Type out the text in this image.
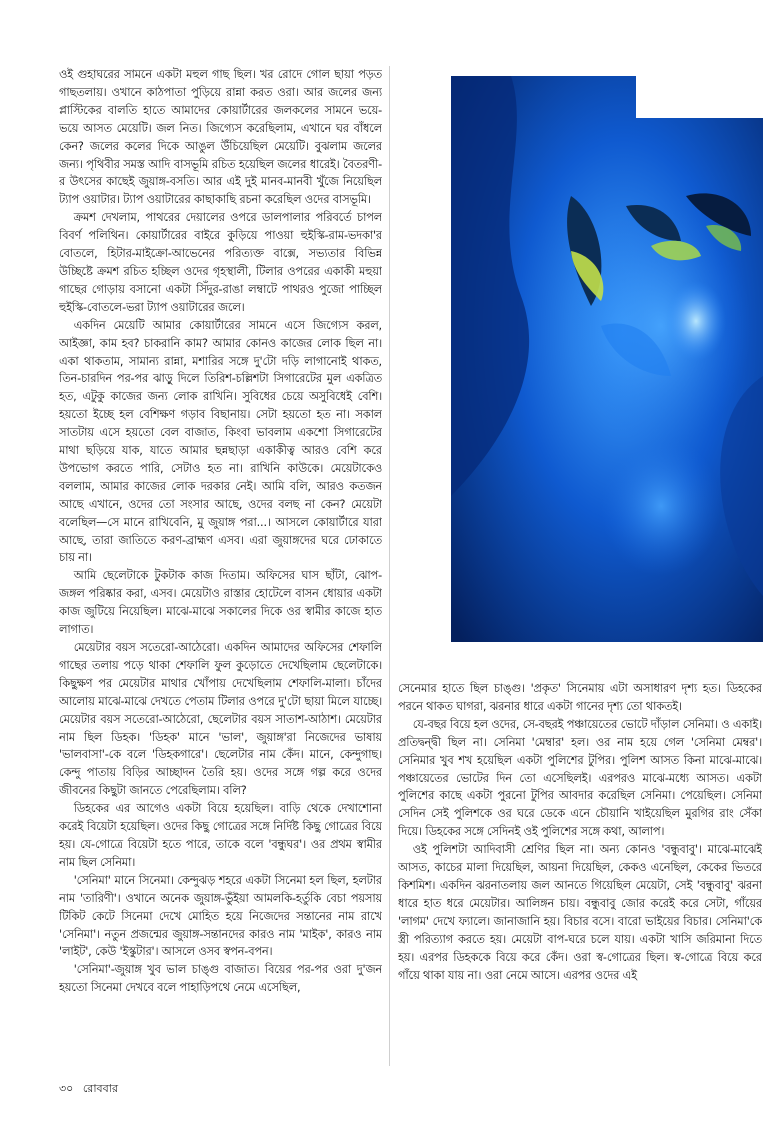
ওই গুহাঘরের সামনে একটা মহুল গাছ ছিল। খর রোদে গোল ছায়া পড়ত গাছতলায়। ওখানে কাঠপাতা পুড়িয়ে রান্না করত ওরা। আর জলের জন্য প্লাস্টিকের বালতি হাতে আমাদের কোয়ার্টারের জলকলের সামনে ভয়ে-ভয়ে আসত মেয়েটি। জল নিত। জিগ্যেস করেছিলাম, এখানে ঘর বাঁধলে কেন? জলের কলের দিকে আঙুল উঁচিয়েছিল মেয়েটি। বুঝলাম জলের জন্য। পৃথিবীর সমস্ত আদি বাসভূমি রচিত হয়েছিল জলের ধারেই। বৈতরণী-র উৎসের কাছেই জুয়াঙ্গ-বসতি। আর এই দুই মানব-মানবী খুঁজে নিয়েছিল ট্যাপ ওয়াটার। ট্যাপ ওয়াটারের কাছাকাছি রচনা করেছিল ওদের বাসভূমি।

ক্রমশ দেখলাম, পাথরের দেয়ালের ওপরে ডালপালার পরিবর্তে চাপল বিবর্ণ পলিথিন। কোয়ার্টারের বাইরে কুড়িয়ে পাওয়া হুইস্কি-রাম-ভদকা'র বোতলে, হিটার-মাইক্রো-আভেনের পরিত্যক্ত বাক্সে, সভ্যতার বিভিন্ন উচ্ছিষ্টে ক্রমশ রচিত হচ্ছিল ওদের গৃহস্থালী, টিলার ওপরের একাকী মহুয়া গাছের গোড়ায় বসানো একটা সিঁদুর-রাঙা লম্বাটে পাথরও পুজো পাচ্ছিল হুইস্কি-বোতলে-ভরা ট্যাপ ওয়াটারের জলে।

একদিন মেয়েটি আমার কোয়ার্টারের সামনে এসে জিগ্যেস করল, আইজ্ঞা, কাম হব? চাকরানি কাম? আমার কোনও কাজের লোক ছিল না। একা থাকতাম, সামান্য রান্না, মশারির সঙ্গে দু'টো দড়ি লাগানোই থাকত, তিন-চারদিন পর-পর ঝাড়ু দিলে তিরিশ-চল্লিশটা সিগারেটের মুল একত্রিত হত, এটুকু কাজের জন্য লোক রাখিনি। সুবিধের চেয়ে অসুবিধেই বেশি। হয়তো ইচ্ছে হল বেশিক্ষণ গড়াব বিছানায়। সেটা হয়তো হত না। সকাল সাতটায় এসে হয়তো বেল বাজাত, কিংবা ভাবলাম একশো সিগারেটের মাথা ছড়িয়ে যাক, যাতে আমার ছন্নছাড়া একাকীত্ব আরও বেশি করে উপভোগ করতে পারি, সেটাও হত না। রাখিনি কাউকে। মেয়েটাকেও বললাম, আমার কাজের লোক দরকার নেই। আমি বলি, আরও কতজন আছে এখানে, ওদের তো সংসার আছে, ওদের বলছ না কেন? মেয়েটা বলেছিল—সে মানে রাখিবেনি, মু জুয়াঙ্গ পরা...। আসলে কোয়ার্টারে যারা আছে, তারা জাতিতে করণ-ব্রাহ্মণ এসব। এরা জুয়াঙ্গদের ঘরে ঢোকাতে চায় না।

আমি ছেলেটাকে টুকটাক কাজ দিতাম। অফিসের ঘাস ছাঁটা, ঝোপ-জঙ্গল পরিষ্কার করা, এসব। মেয়েটাও রাস্তার হোটেলে বাসন ধোয়ার একটা কাজ জুটিয়ে নিয়েছিল। মাঝে-মাঝে সকালের দিকে ওর স্বামীর কাজে হাত লাগাত।

মেয়েটার বয়স সতেরো-আঠেরো। একদিন আমাদের অফিসের শেফালি গাছের তলায় পড়ে থাকা শেফালি ফুল কুড়োতে দেখেছিলাম ছেলেটাকে। কিছুক্ষণ পর মেয়েটার মাথার খোঁপায় দেখেছিলাম শেফালি-মালা। চাঁদের আলোয় মাঝে-মাঝে দেখতে পেতাম টিলার ওপরে দু'টো ছায়া মিলে যাচ্ছে। মেয়েটার বয়স সতেরো-আঠেরো, ছেলেটার বয়স সাতাশ-আঠাশ। মেয়েটার নাম ছিল ডিহক। 'ডিহক' মানে 'ভাল', জুয়াঙ্গ'রা নিজেদের ভাষায় 'ভালবাসা'-কে বলে 'ডিহকগারে'। ছেলেটার নাম কেঁদ। মানে, কেন্দুগাছ। কেন্দু পাতায় বিড়ির আচ্ছাদন তৈরি হয়। ওদের সঙ্গে গল্প করে ওদের জীবনের কিছুটা জানতে পেরেছিলাম। বলি?

ডিহকের এর আগেও একটা বিয়ে হয়েছিল। বাড়ি থেকে দেখাশোনা করেই বিয়েটা হয়েছিল। ওদের কিছু গোত্রের সঙ্গে নির্দিষ্ট কিছু গোত্রের বিয়ে হয়। যে-গোত্রে বিয়েটা হতে পারে, তাকে বলে 'বন্ধুঘর'। ওর প্রথম স্বামীর নাম ছিল সেনিমা।

'সেনিমা' মানে সিনেমা। কেন্দুঝড় শহরে একটা সিনেমা হল ছিল, হলটার নাম 'তারিণী'। ওখানে অনেক জুয়াঙ্গ-ভুঁইয়া আমলকি-হর্তুকি বেচা পয়সায় টিকিট কেটে সিনেমা দেখে মোহিত হয়ে নিজেদের সন্তানের নাম রাখে 'সেনিমা'। নতুন প্রজন্মের জুয়াঙ্গ-সন্তানদের কারও নাম 'মাইক', কারও নাম 'লাইট', কেউ 'ইস্কুটার'। আসলে ওসব স্বপন-বপন।

'সেনিমা'-জুয়াঙ্গ খুব ভাল চাঙ্গু বাজাত। বিয়ের পর-পর ওরা দু'জন হয়তো সিনেমা দেখবে বলে পাহাড়িপথে নেমে এসেছিল,

সেনেমার হাতে ছিল চাঙ্গু। 'প্রকৃত' সিনেমায় এটা অসাধারণ দৃশ্য হত। ডিহকের পরনে থাকত ঘাগরা, ঝরনার ধারে একটা গানের দৃশ্য তো থাকতই।

যে-বছর বিয়ে হল ওদের, সে-বছরই পঞ্চায়েতের ভোটে দাঁড়াল সেনিমা। ও একাই। প্রতিদ্বন্দ্বী ছিল না। সেনিমা 'মেম্বার' হল। ওর নাম হয়ে গেল 'সেনিমা মেম্বর'। সেনিমার খুব শখ হয়েছিল একটা পুলিশের টুপির। পুলিশ আসত কিনা মাঝে-মাঝে। পঞ্চায়েতের ভোটের দিন তো এসেছিলই। এরপরও মাঝে-মধ্যে আসত। একটা পুলিশের কাছে একটা পুরনো টুপির আবদার করেছিল সেনিমা। পেয়েছিল। সেনিমা সেদিন সেই পুলিশকে ওর ঘরে ডেকে এনে চৌয়ানি খাইয়েছিল মুরগির রাং সেঁকা দিয়ে। ডিহকের সঙ্গে সেদিনই ওই পুলিশের সঙ্গে কথা, আলাপ।

ওই পুলিশটা আদিবাসী শ্রেণির ছিল না। অন্য কোনও 'বন্ধুবাবু'। মাঝে-মাঝেই আসত, কাচের মালা দিয়েছিল, আয়না দিয়েছিল, কেকও এনেছিল, কেকের ভিতরে কিশমিশ। একদিন ঝরনাতলায় জল আনতে গিয়েছিল মেয়েটা, সেই 'বন্ধুবাবু' ঝরনা ধারে হাত ধরে মেয়েটার। আলিঙ্গন চায়। বন্ধুবাবু জোর করেই করে সেটা, গাঁয়ের 'লাগম' দেখে ফ্যালে। জানাজানি হয়। বিচার বসে। বারো ভাইয়ের বিচার। সেনিমা'কে স্ত্রী পরিত্যাগ করতে হয়। মেয়েটা বাপ-ঘরে চলে যায়। একটা খাসি জরিমানা দিতে হয়। এরপর ডিহককে বিয়ে করে কেঁদ। ওরা স্ব-গোত্রের ছিল। স্ব-গোত্রে বিয়ে করে গাঁয়ে থাকা যায় না। ওরা নেমে আসে। এরপর ওদের এই

৩০ রোববার
